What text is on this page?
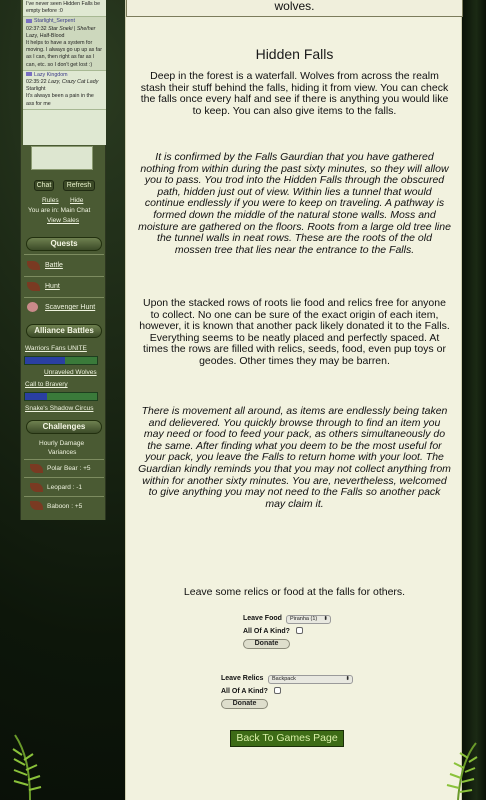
I've never seen Hidden Falls be empty before :0
Starlight_Serpent
02:37:32 Star Sneki | She/her
Lazy, Half-Blood
It helps to have a system for moving. I always go up up as far as I can, then right as far as I can, etc. so I don't get lost :)
Lazy Kingdom
02:35:22 Lazy, Crazy Cat Lady
Starlight
It's always been a pain in the ass for me
Chat	Refresh
Rules Hide
You are in: Main Chat
View Sales
Quests
Battle
Hunt
Scavenger Hunt
Alliance Battles
Warriors Fans UNITE
Unraveled Wolves
Call to Bravery
Snake's Shadow Circus
Challenges
Hourly Damage
Variances
Polar Bear : +5
Leopard : -1
Baboon : +5
wolves.
Hidden Falls

Deep in the forest is a waterfall. Wolves from across the realm stash their stuff behind the falls, hiding it from view. You can check the falls once every half and see if there is anything you would like to keep. You can also give items to the falls.

It is confirmed by the Falls Gaurdian that you have gathered nothing from within during the past sixty minutes, so they will allow you to pass. You trod into the Hidden Falls through the obscured path, hidden just out of view. Within lies a tunnel that would continue endlessly if you were to keep on traveling. A pathway is formed down the middle of the natural stone walls. Moss and moisture are gathered on the floors. Roots from a large old tree line the tunnel walls in neat rows. These are the roots of the old mossen tree that lies near the entrance to the Falls.

Upon the stacked rows of roots lie food and relics free for anyone to collect. No one can be sure of the exact origin of each item, however, it is known that another pack likely donated it to the Falls. Everything seems to be neatly placed and perfectly spaced. At times the rows are filled with relics, seeds, food, even pup toys or geodes. Other times they may be barren.

There is movement all around, as items are endlessly being taken and delievered. You quickly browse through to find an item you may need or food to feed your pack, as others simultaneously do the same. After finding what you deem to be the most useful for your pack, you leave the Falls to return home with your loot. The Guardian kindly reminds you that you may not collect anything from within for another sixty minutes. You are, nevertheless, welcomed to give anything you may not need to the Falls so another pack may claim it.

Leave some relics or food at the falls for others.
Leave Food	Piranha (1) ⬍
All Of A Kind?
Donate
Leave Relics	Backpack	⬍
All Of A Kind?
Donate
Back To Games Page
